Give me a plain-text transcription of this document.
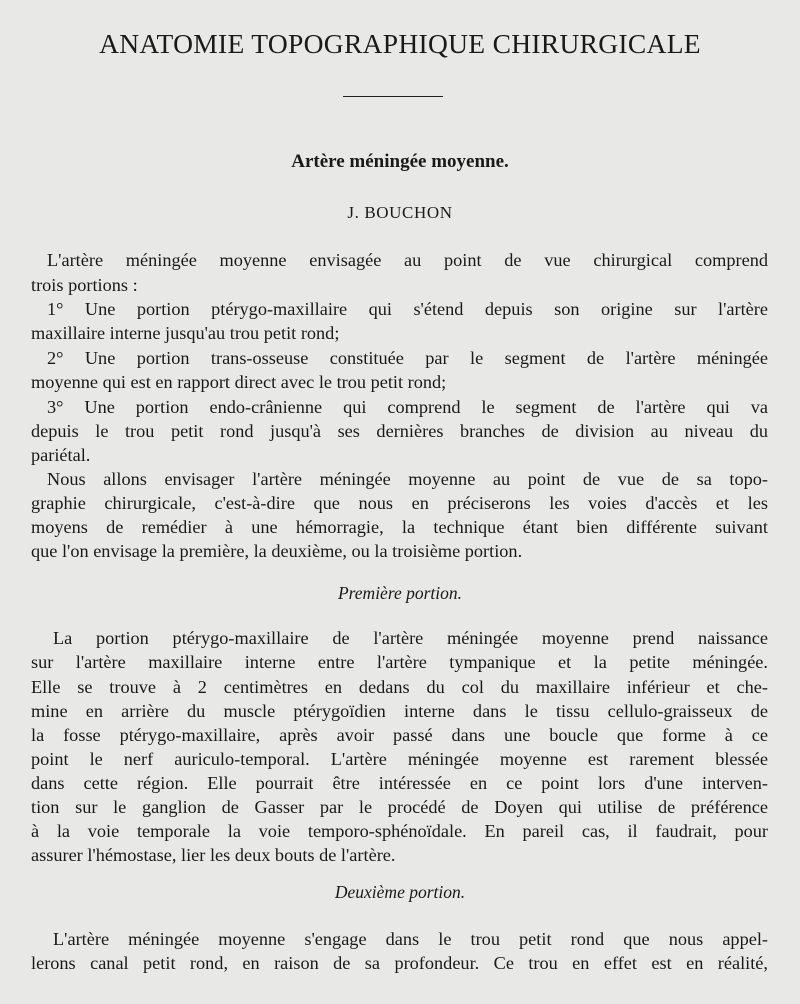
ANATOMIE TOPOGRAPHIQUE CHIRURGICALE
Artère méningée moyenne.
J. BOUCHON
L'artère méningée moyenne envisagée au point de vue chirurgical comprend
trois portions :
1° Une portion ptérygo-maxillaire qui s'étend depuis son origine sur l'artère
maxillaire interne jusqu'au trou petit rond;
2° Une portion trans-osseuse constituée par le segment de l'artère méningée
moyenne qui est en rapport direct avec le trou petit rond;
3° Une portion endo-crânienne qui comprend le segment de l'artère qui va
depuis le trou petit rond jusqu'à ses dernières branches de division au niveau du
pariétal.
Nous allons envisager l'artère méningée moyenne au point de vue de sa topo-
graphie chirurgicale, c'est-à-dire que nous en préciserons les voies d'accès et les
moyens de remédier à une hémorragie, la technique étant bien différente suivant
que l'on envisage la première, la deuxième, ou la troisième portion.
Première portion.
La portion ptérygo-maxillaire de l'artère méningée moyenne prend naissance
sur l'artère maxillaire interne entre l'artère tympanique et la petite méningée.
Elle se trouve à 2 centimètres en dedans du col du maxillaire inférieur et che-
mine en arrière du muscle ptérygoïdien interne dans le tissu cellulo-graisseux de
la fosse ptérygo-maxillaire, après avoir passé dans une boucle que forme à ce
point le nerf auriculo-temporal. L'artère méningée moyenne est rarement blessée
dans cette région. Elle pourrait être intéressée en ce point lors d'une interven-
tion sur le ganglion de Gasser par le procédé de Doyen qui utilise de préférence
à la voie temporale la voie temporo-sphénoïdale. En pareil cas, il faudrait, pour
assurer l'hémostase, lier les deux bouts de l'artère.
Deuxième portion.
L'artère méningée moyenne s'engage dans le trou petit rond que nous appel-
lerons canal petit rond, en raison de sa profondeur. Ce trou en effet est en réalité,
